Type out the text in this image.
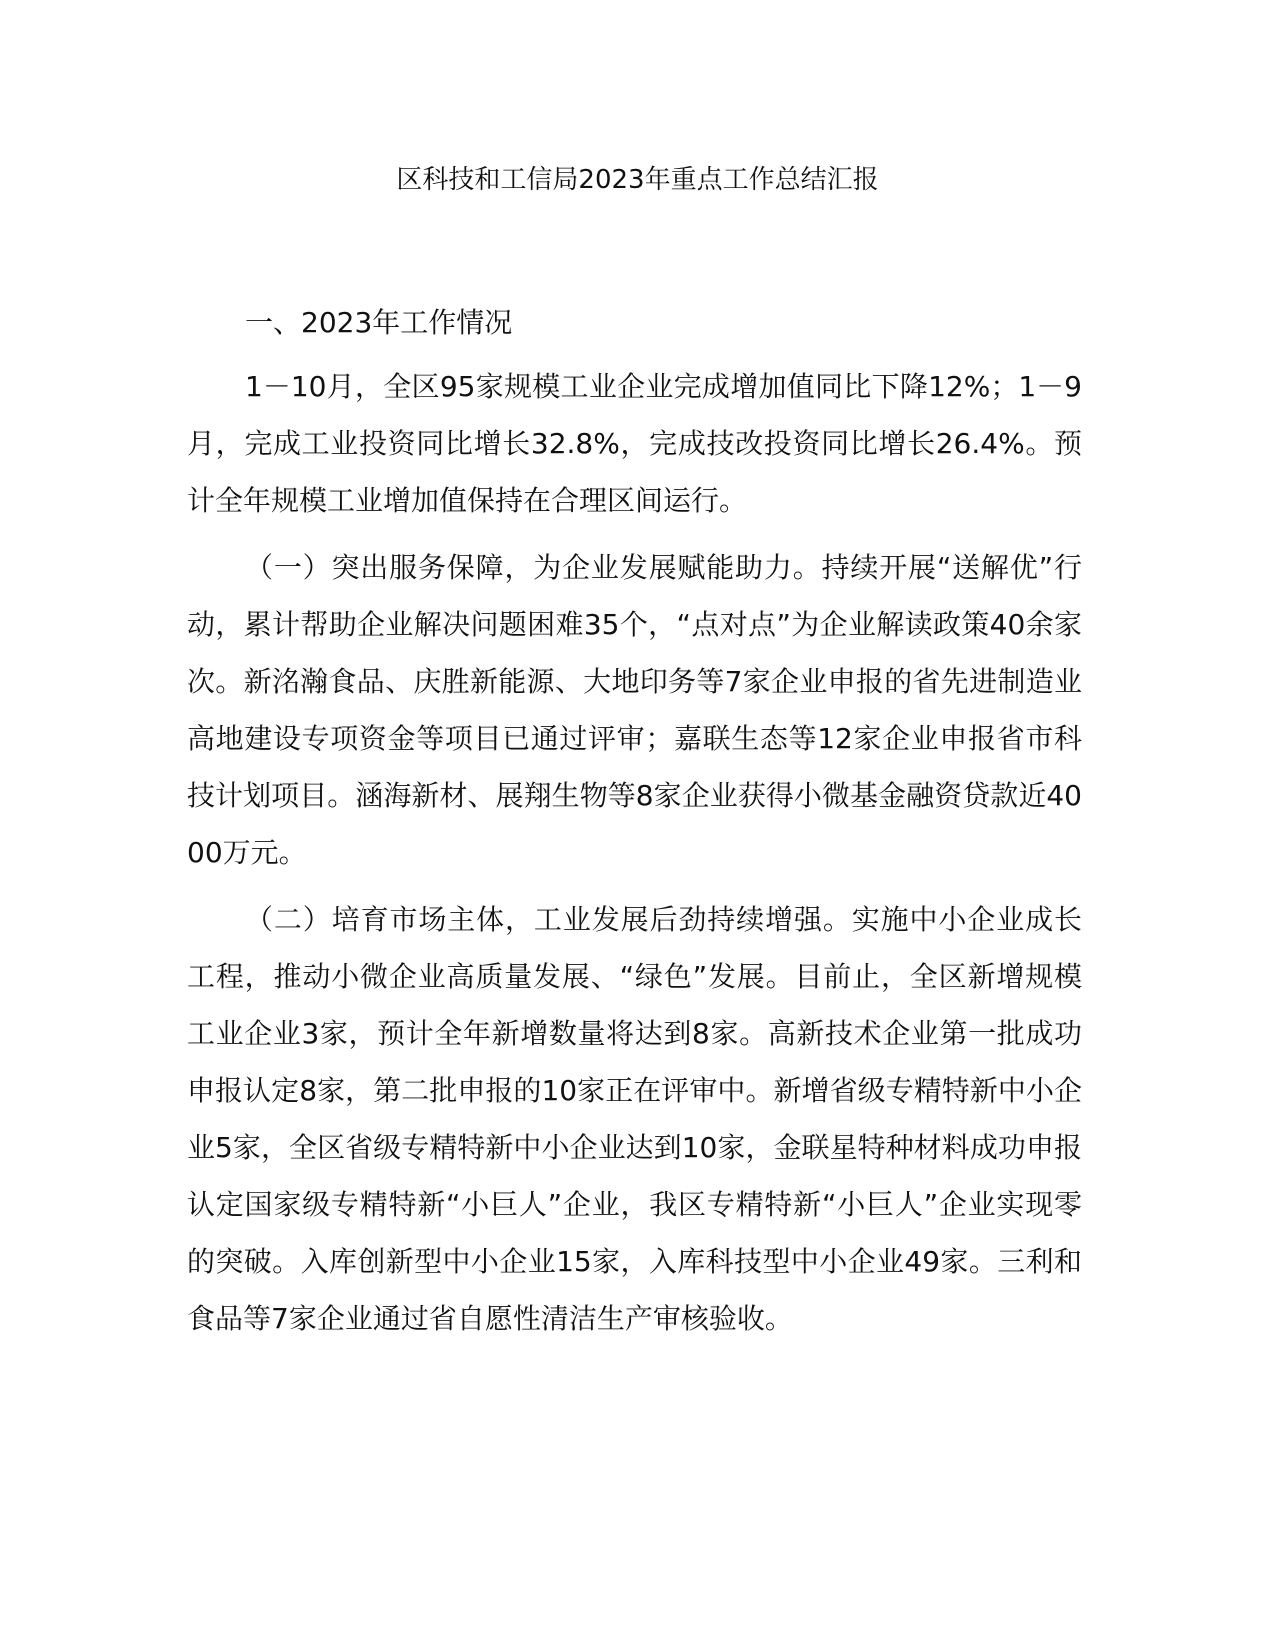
区科技和工信局2023年重点工作总结汇报
一、2023年工作情况

1－10月，全区95家规模工业企业完成增加值同比下降12%；1－9月，完成工业投资同比增长32.8%，完成技改投资同比增长26.4%。预计全年规模工业增加值保持在合理区间运行。

（一）突出服务保障，为企业发展赋能助力。持续开展“送解优”行动，累计帮助企业解决问题困难35个，“点对点”为企业解读政策40余家次。新洺瀚食品、庆胜新能源、大地印务等7家企业申报的省先进制造业高地建设专项资金等项目已通过评审；嘉联生态等12家企业申报省市科技计划项目。涵海新材、展翔生物等8家企业获得小微基金融资贷款近4000万元。

（二）培育市场主体，工业发展后劲持续增强。实施中小企业成长工程，推动小微企业高质量发展、“绿色”发展。目前止，全区新增规模工业企业3家，预计全年新增数量将达到8家。高新技术企业第一批成功申报认定8家，第二批申报的10家正在评审中。新增省级专精特新中小企业5家，全区省级专精特新中小企业达到10家，金联星特种材料成功申报认定国家级专精特新“小巨人”企业，我区专精特新“小巨人”企业实现零的突破。入库创新型中小企业15家，入库科技型中小企业49家。三利和食品等7家企业通过省自愿性清洁生产审核验收。
